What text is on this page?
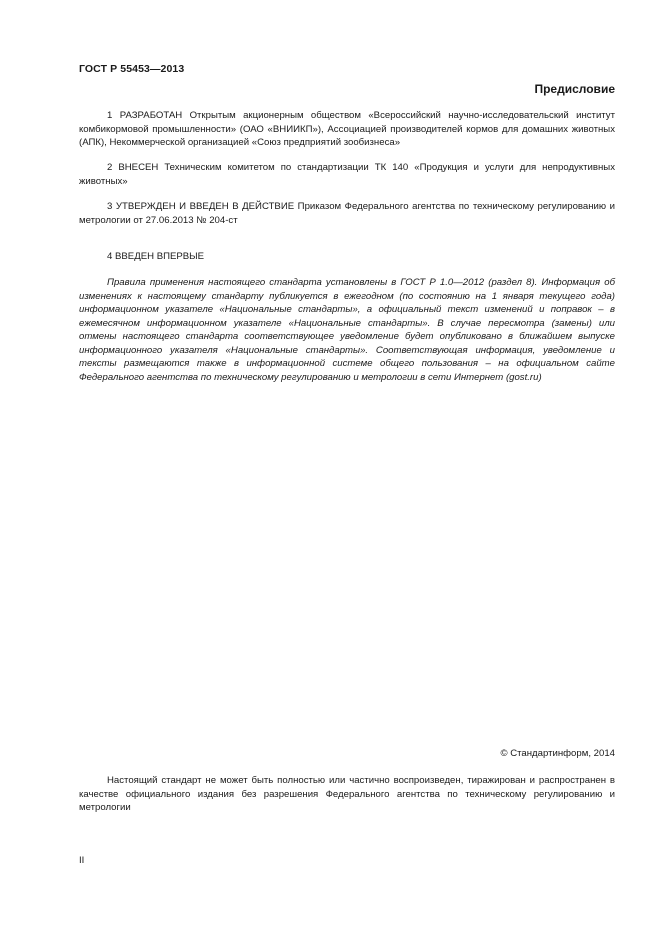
ГОСТ Р 55453—2013
Предисловие

1 РАЗРАБОТАН Открытым акционерным обществом «Всероссийский научно-исследовательский институт комбикормовой промышленности» (ОАО «ВНИИКП»), Ассоциацией производителей кормов для домашних животных (АПК), Некоммерческой организацией «Союз предприятий зообизнеса»

2 ВНЕСЕН Техническим комитетом по стандартизации ТК 140 «Продукция и услуги для непродуктивных животных»

3 УТВЕРЖДЕН И ВВЕДЕН В ДЕЙСТВИЕ Приказом Федерального агентства по техническому регулированию и метрологии от 27.06.2013 № 204-ст

4 ВВЕДЕН ВПЕРВЫЕ

Правила применения настоящего стандарта установлены в ГОСТ Р 1.0—2012 (раздел 8). Информация об изменениях к настоящему стандарту публикуется в ежегодном (по состоянию на 1 января текущего года) информационном указателе «Национальные стандарты», а официальный текст изменений и поправок – в ежемесячном информационном указателе «Национальные стандарты». В случае пересмотра (замены) или отмены настоящего стандарта соответствующее уведомление будет опубликовано в ближайшем выпуске информационного указателя «Национальные стандарты». Соответствующая информация, уведомление и тексты размещаются также в информационной системе общего пользования – на официальном сайте Федерального агентства по техническому регулированию и метрологии в сети Интернет (gost.ru)

© Стандартинформ, 2014

Настоящий стандарт не может быть полностью или частично воспроизведен, тиражирован и распространен в качестве официального издания без разрешения Федерального агентства по техническому регулированию и метрологии

II
